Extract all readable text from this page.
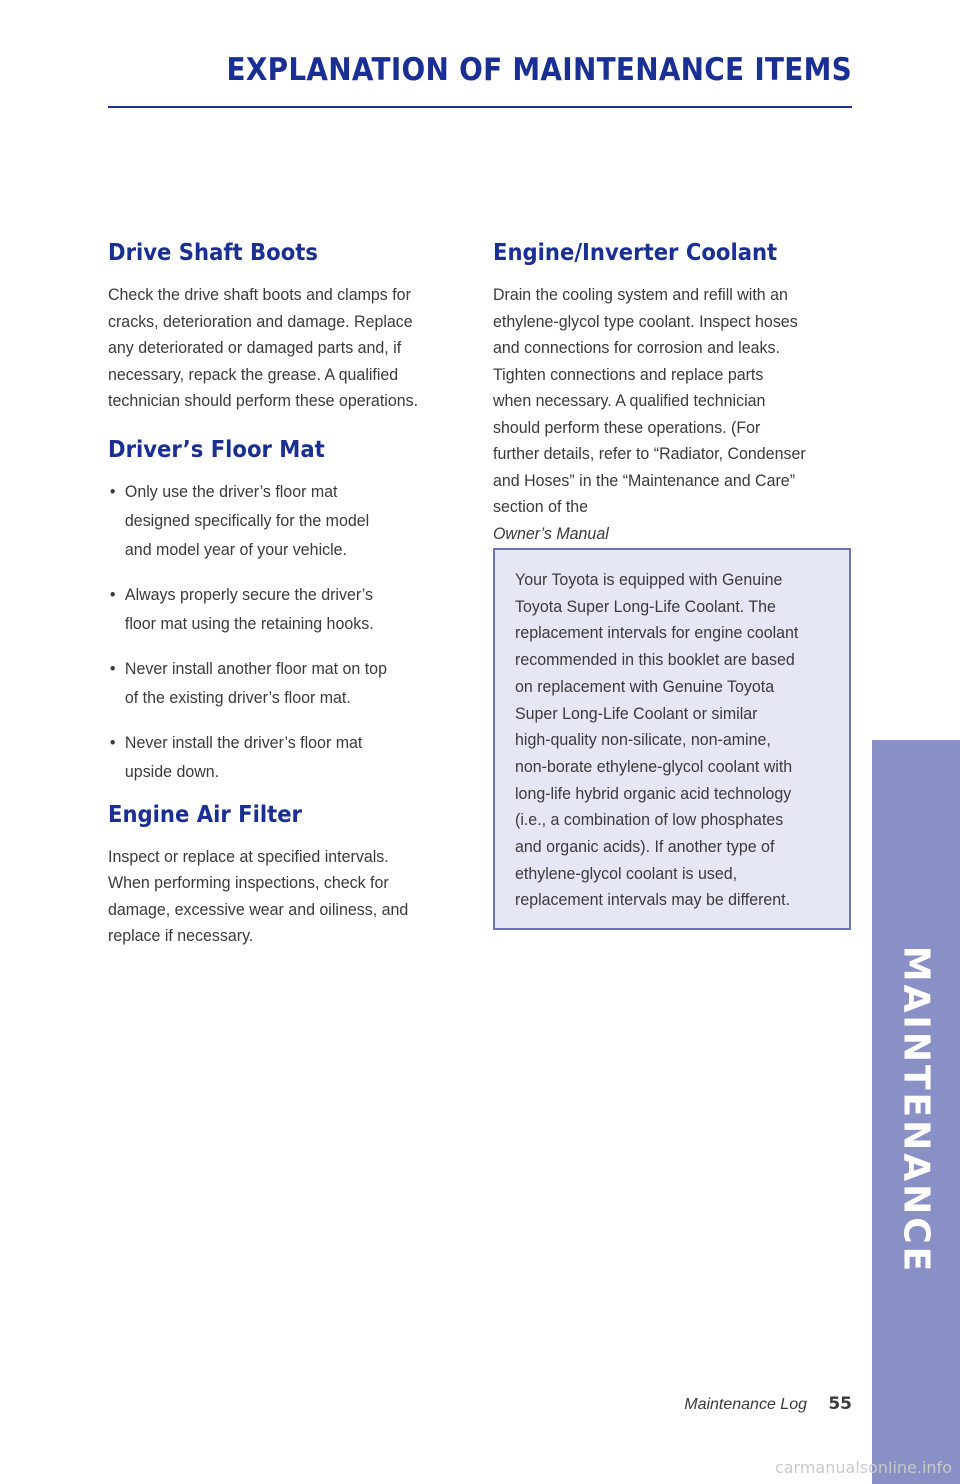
EXPLANATION OF MAINTENANCE ITEMS
Drive Shaft Boots

Check the drive shaft boots and clamps for
cracks, deterioration and damage. Replace
any deteriorated or damaged parts and, if
necessary, repack the grease. A qualified
technician should perform these operations.

Driver’s Floor Mat
• Only use the driver’s floor mat
designed specifically for the model
and model year of your vehicle.
• Always properly secure the driver’s
floor mat using the retaining hooks.
• Never install another floor mat on top
of the existing driver’s floor mat.
• Never install the driver’s floor mat
upside down.
Engine Air Filter

Inspect or replace at specified intervals.
When performing inspections, check for
damage, excessive wear and oiliness, and
replace if necessary.

Engine/Inverter Coolant

Drain the cooling system and refill with an
ethylene-glycol type coolant. Inspect hoses
and connections for corrosion and leaks.
Tighten connections and replace parts
when necessary. A qualified technician
should perform these operations. (For
further details, refer to “Radiator, Condenser
and Hoses” in the “Maintenance and Care”
section of the
Owner’s Manual

Your Toyota is equipped with Genuine
Toyota Super Long-Life Coolant. The
replacement intervals for engine coolant
recommended in this booklet are based
on replacement with Genuine Toyota
Super Long-Life Coolant or similar
high-quality non-silicate, non-amine,
non-borate ethylene-glycol coolant with
long-life hybrid organic acid technology
(i.e., a combination of low phosphates
and organic acids). If another type of
ethylene-glycol coolant is used,
replacement intervals may be different.

MAINTENANCE
Maintenance Log 55
carmanualsonline.info
